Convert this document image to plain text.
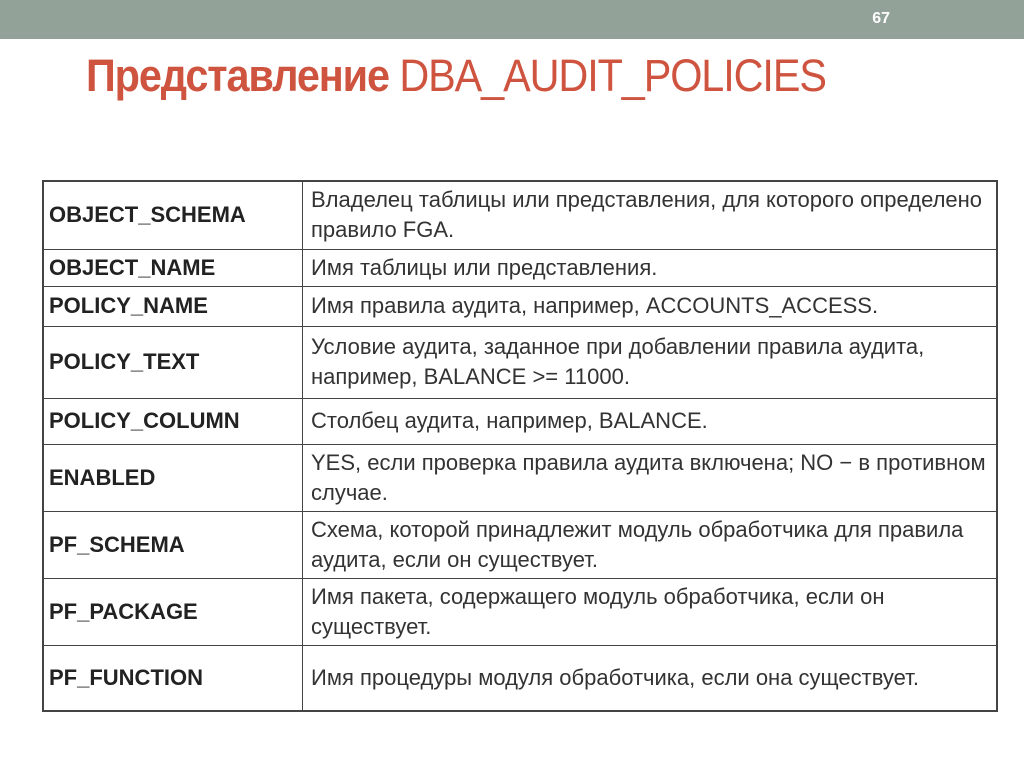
67
Представление DBA_AUDIT_POLICIES
OBJECT_SCHEMA	Владелец таблицы или представления, для которого определено правило FGA.
OBJECT_NAME	Имя таблицы или представления.
POLICY_NAME	Имя правила аудита, например, ACCOUNTS_ACCESS.
POLICY_TEXT	Условие аудита, заданное при добавлении правила аудита, например, BALANCE >= 11000.
POLICY_COLUMN	Столбец аудита, например, BALANCE.
ENABLED	YES, если проверка правила аудита включена; NO − в противном случае.
PF_SCHEMA	Схема, которой принадлежит модуль обработчика для правила аудита, если он существует.
PF_PACKAGE	Имя пакета, содержащего модуль обработчика, если он существует.
PF_FUNCTION	Имя процедуры модуля обработчика, если она существует.
